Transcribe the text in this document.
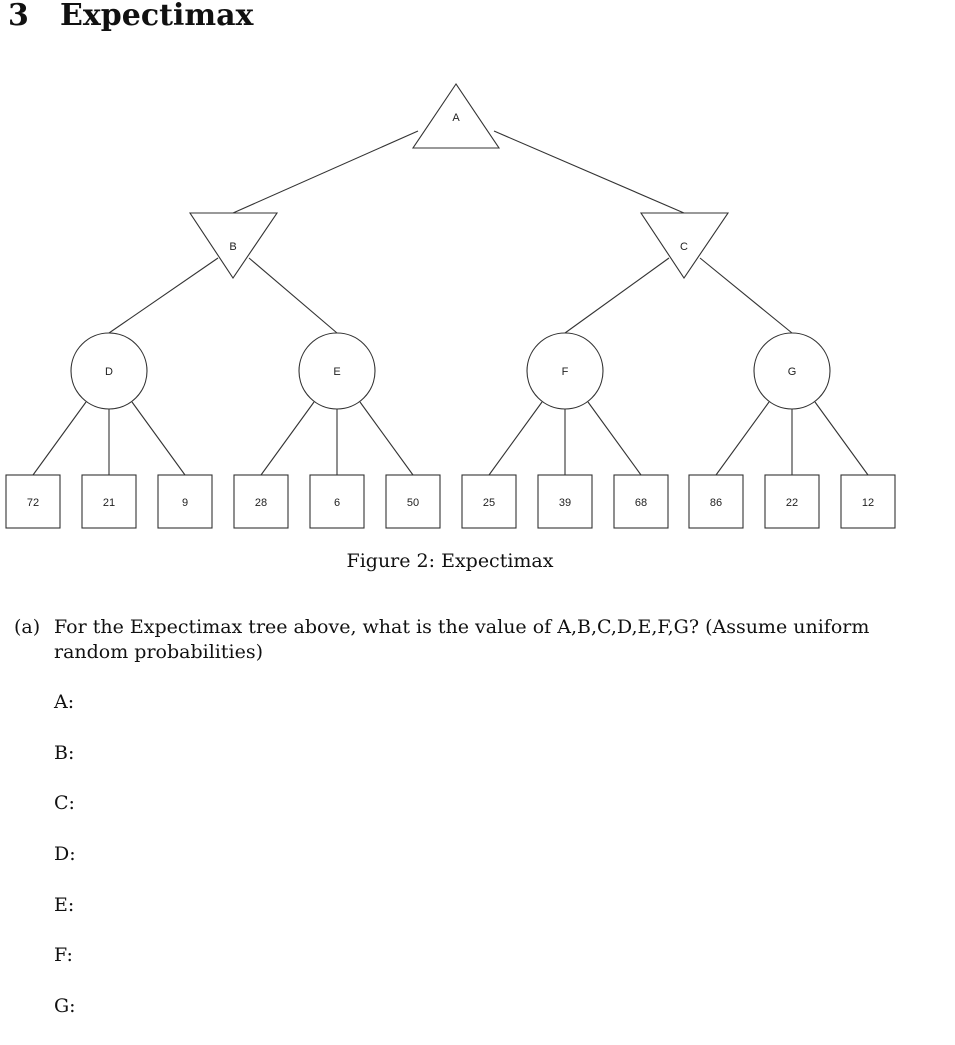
3 Expectimax
A
B	C
D	E	F	G
72	21	9	28	6	50	25	39	68	86	22	12
Figure 2: Expectimax
(a) For the Expectimax tree above, what is the value of A,B,C,D,E,F,G? (Assume uniform random probabilities)
A:
B:
C:
D:
E:
F:
G:
